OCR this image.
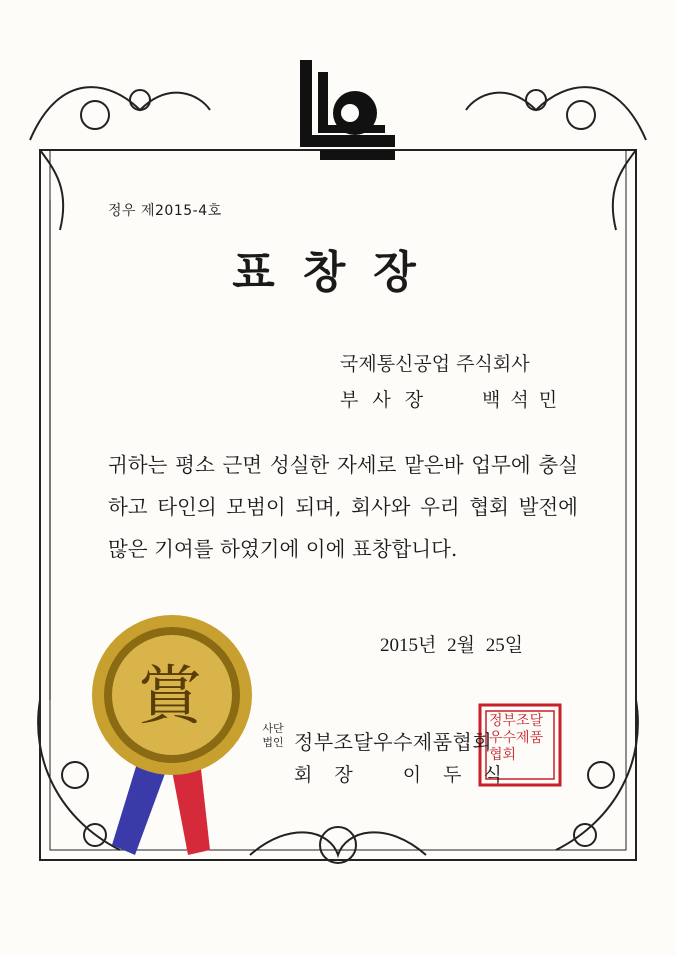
정우 제2015-4호
표창장
국제통신공업 주식회사
부사장	백석민
귀하는 평소 근면 성실한 자세로 맡은바 업무에 충실하고 타인의 모범이 되며, 회사와 우리 협회 발전에 많은 기여를 하였기에 이에 표창합니다.
2015년 2월 25일
사단법인 정부조달우수제품협회
회장 이두식
賞	정부조달우수제품협회
